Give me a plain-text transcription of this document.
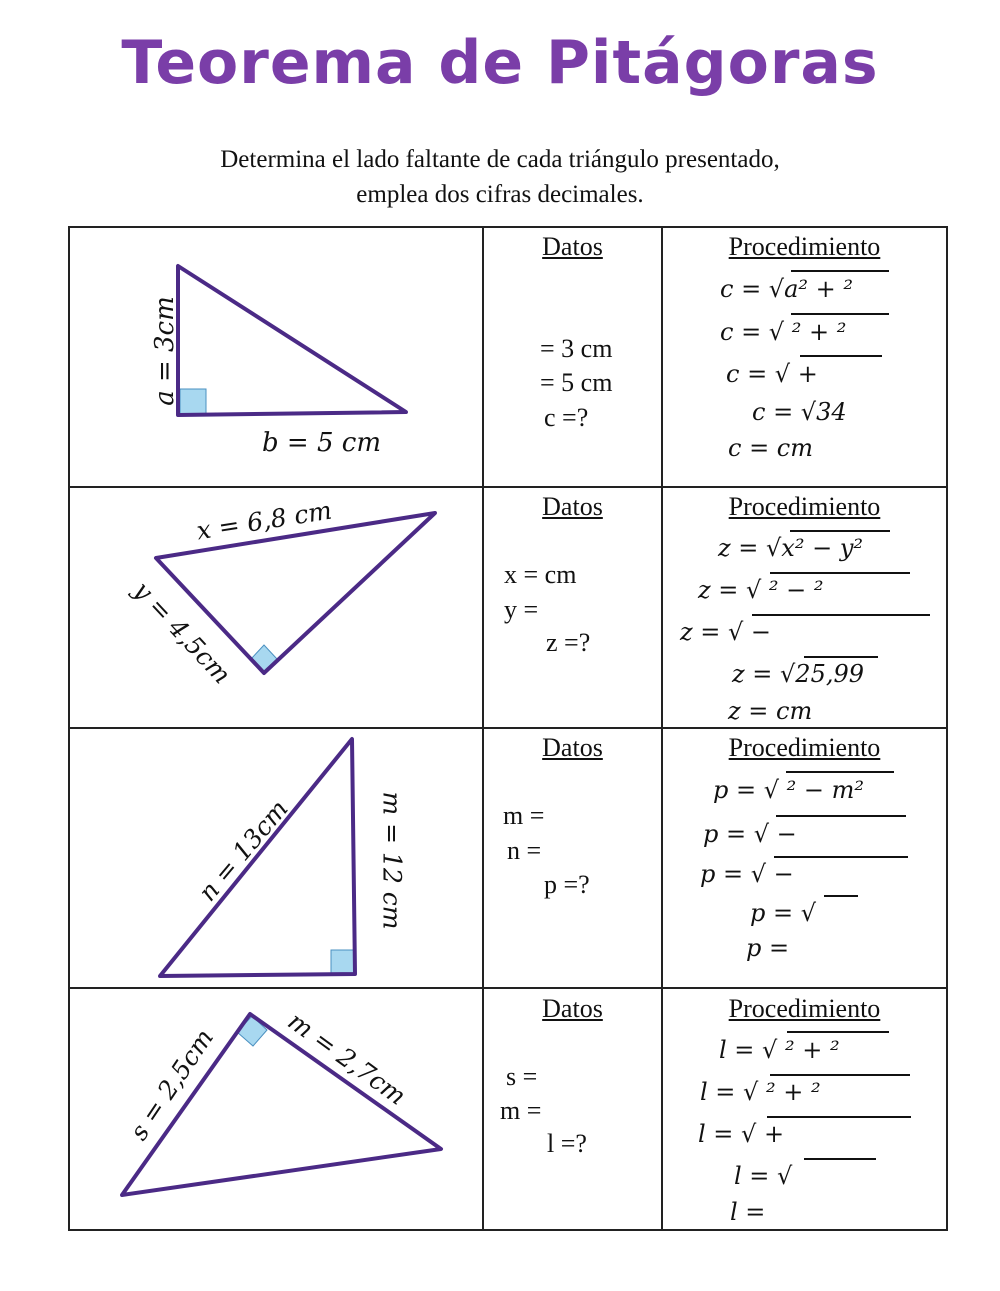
Teorema de Pitágoras
Determina el lado faltante de cada triángulo presentado,
emplea dos cifras decimales.
a = 3cm
b = 5 cm
x = 6,8 cm
y = 4,5cm
n = 13cm	m = 12 cm
s = 2,5cm	m = 2,7cm
Datos
= 3 cm
= 5 cm
c =?
Procedimiento
c = √a² + ²
c = √ ² + ²
c = √ +
c = √34
c = cm
Datos
x = cm
y =
z =?
Procedimiento
z = √x² − y²
z = √ ² − ²
z = √ −
z = √25,99
z = cm
Datos
m =
n =
p =?
Procedimiento
p = √ ² − m²
p = √ −
p = √ −
p = √
p =
Datos
s =
m =
l =?
Procedimiento
l = √ ² + ²
l = √ ² + ²
l = √ +
l = √
l =
